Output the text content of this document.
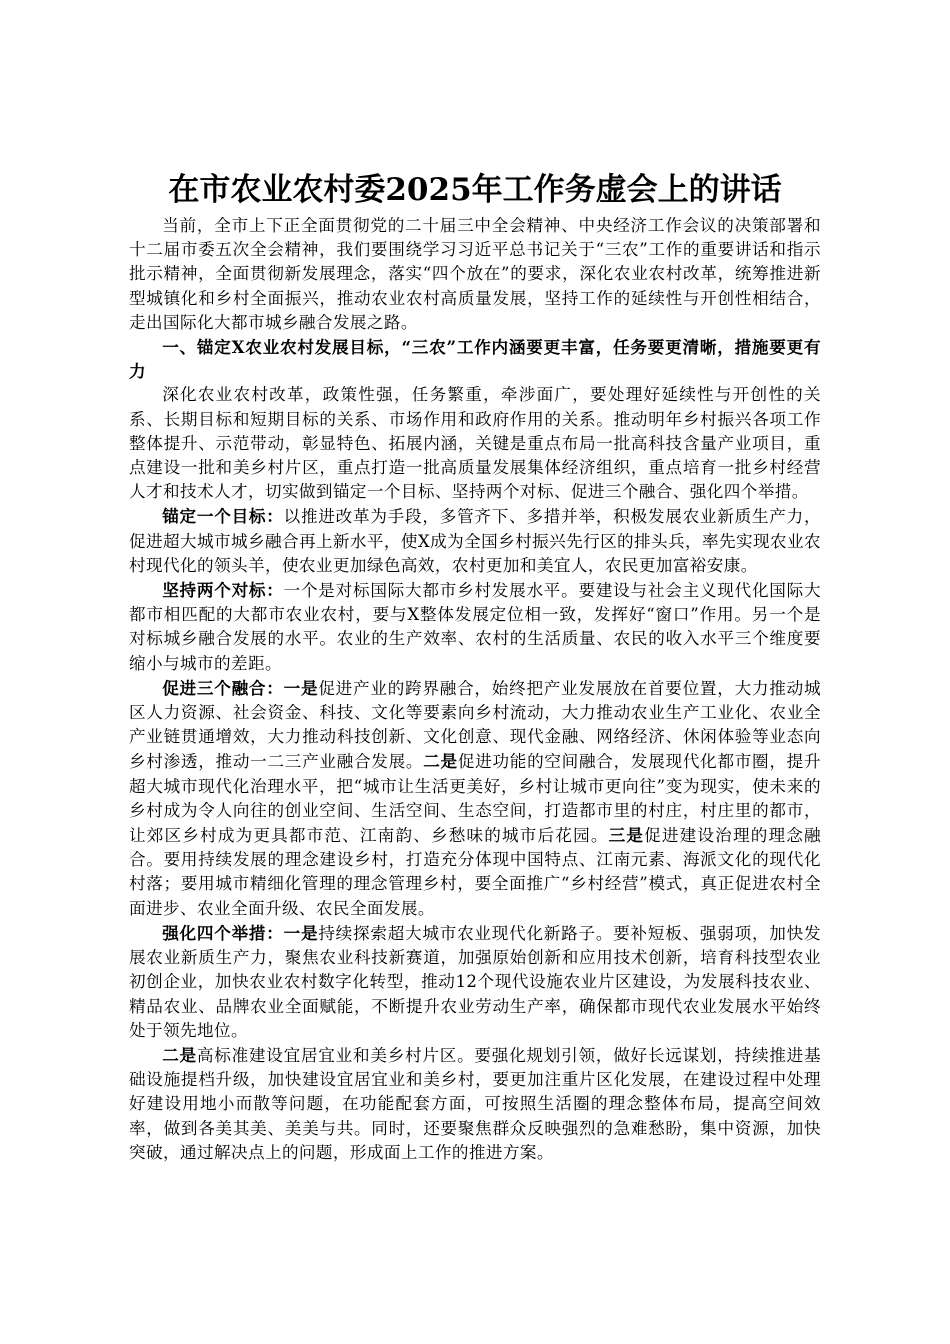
在市农业农村委2025年工作务虚会上的讲话

当前，全市上下正全面贯彻党的二十届三中全会精神、中央经济工作会议的决策部署和十二届市委五次全会精神，我们要围绕学习习近平总书记关于“三农”工作的重要讲话和指示批示精神，全面贯彻新发展理念，落实“四个放在”的要求，深化农业农村改革，统筹推进新型城镇化和乡村全面振兴，推动农业农村高质量发展，坚持工作的延续性与开创性相结合，走出国际化大都市城乡融合发展之路。

一、锚定X农业农村发展目标，“三农”工作内涵要更丰富，任务要更清晰，措施要更有力

深化农业农村改革，政策性强，任务繁重，牵涉面广，要处理好延续性与开创性的关系、长期目标和短期目标的关系、市场作用和政府作用的关系。推动明年乡村振兴各项工作整体提升、示范带动，彰显特色、拓展内涵，关键是重点布局一批高科技含量产业项目，重点建设一批和美乡村片区，重点打造一批高质量发展集体经济组织，重点培育一批乡村经营人才和技术人才，切实做到锚定一个目标、坚持两个对标、促进三个融合、强化四个举措。

锚定一个目标：以推进改革为手段，多管齐下、多措并举，积极发展农业新质生产力，促进超大城市城乡融合再上新水平，使X成为全国乡村振兴先行区的排头兵，率先实现农业农村现代化的领头羊，使农业更加绿色高效，农村更加和美宜人，农民更加富裕安康。

坚持两个对标：一个是对标国际大都市乡村发展水平。要建设与社会主义现代化国际大都市相匹配的大都市农业农村，要与X整体发展定位相一致，发挥好“窗口”作用。另一个是对标城乡融合发展的水平。农业的生产效率、农村的生活质量、农民的收入水平三个维度要缩小与城市的差距。

促进三个融合：一是促进产业的跨界融合，始终把产业发展放在首要位置，大力推动城区人力资源、社会资金、科技、文化等要素向乡村流动，大力推动农业生产工业化、农业全产业链贯通增效，大力推动科技创新、文化创意、现代金融、网络经济、休闲体验等业态向乡村渗透，推动一二三产业融合发展。二是促进功能的空间融合，发展现代化都市圈，提升超大城市现代化治理水平，把“城市让生活更美好，乡村让城市更向往”变为现实，使未来的乡村成为令人向往的创业空间、生活空间、生态空间，打造都市里的村庄，村庄里的都市，让郊区乡村成为更具都市范、江南韵、乡愁味的城市后花园。三是促进建设治理的理念融合。要用持续发展的理念建设乡村，打造充分体现中国特点、江南元素、海派文化的现代化村落；要用城市精细化管理的理念管理乡村，要全面推广“乡村经营”模式，真正促进农村全面进步、农业全面升级、农民全面发展。

强化四个举措：一是持续探索超大城市农业现代化新路子。要补短板、强弱项，加快发展农业新质生产力，聚焦农业科技新赛道，加强原始创新和应用技术创新，培育科技型农业初创企业，加快农业农村数字化转型，推动12个现代设施农业片区建设，为发展科技农业、精品农业、品牌农业全面赋能，不断提升农业劳动生产率，确保都市现代农业发展水平始终处于领先地位。

二是高标准建设宜居宜业和美乡村片区。要强化规划引领，做好长远谋划，持续推进基础设施提档升级，加快建设宜居宜业和美乡村，要更加注重片区化发展，在建设过程中处理好建设用地小而散等问题，在功能配套方面，可按照生活圈的理念整体布局，提高空间效率，做到各美其美、美美与共。同时，还要聚焦群众反映强烈的急难愁盼，集中资源，加快突破，通过解决点上的问题，形成面上工作的推进方案。
